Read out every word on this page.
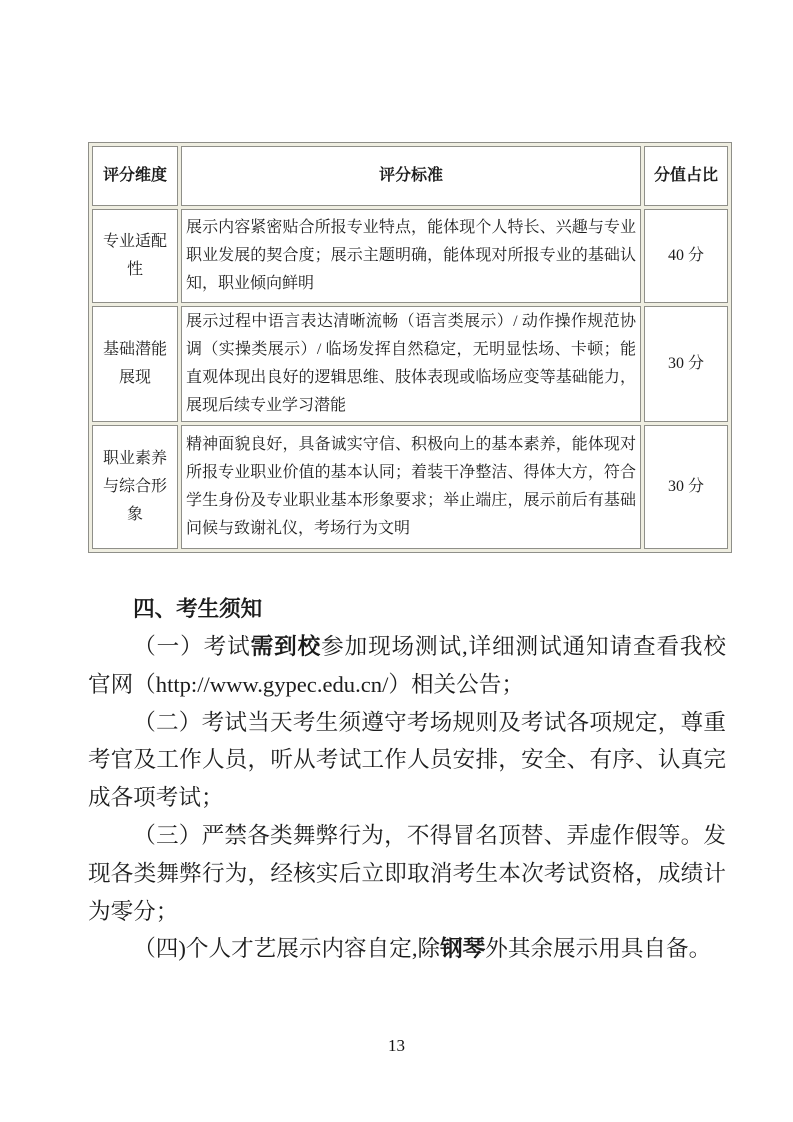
评分维度	评分标准	分值占比
专业适配性	展示内容紧密贴合所报专业特点，能体现个人特长、兴趣与专业职业发展的契合度；展示主题明确，能体现对所报专业的基础认知，职业倾向鲜明	40 分
基础潜能展现	展示过程中语言表达清晰流畅（语言类展示）/ 动作操作规范协调（实操类展示）/ 临场发挥自然稳定，无明显怯场、卡顿；能直观体现出良好的逻辑思维、肢体表现或临场应变等基础能力，展现后续专业学习潜能	30 分
职业素养与综合形象	精神面貌良好，具备诚实守信、积极向上的基本素养，能体现对所报专业职业价值的基本认同；着装干净整洁、得体大方，符合学生身份及专业职业基本形象要求；举止端庄，展示前后有基础问候与致谢礼仪，考场行为文明	30 分
四、考生须知

（一）考试需到校参加现场测试,详细测试通知请查看我校官网（http://www.gypec.edu.cn/）相关公告；

（二）考试当天考生须遵守考场规则及考试各项规定，尊重考官及工作人员，听从考试工作人员安排，安全、有序、认真完成各项考试；

（三）严禁各类舞弊行为，不得冒名顶替、弄虚作假等。发现各类舞弊行为，经核实后立即取消考生本次考试资格，成绩计为零分；

（四)个人才艺展示内容自定,除钢琴外其余展示用具自备。

13
